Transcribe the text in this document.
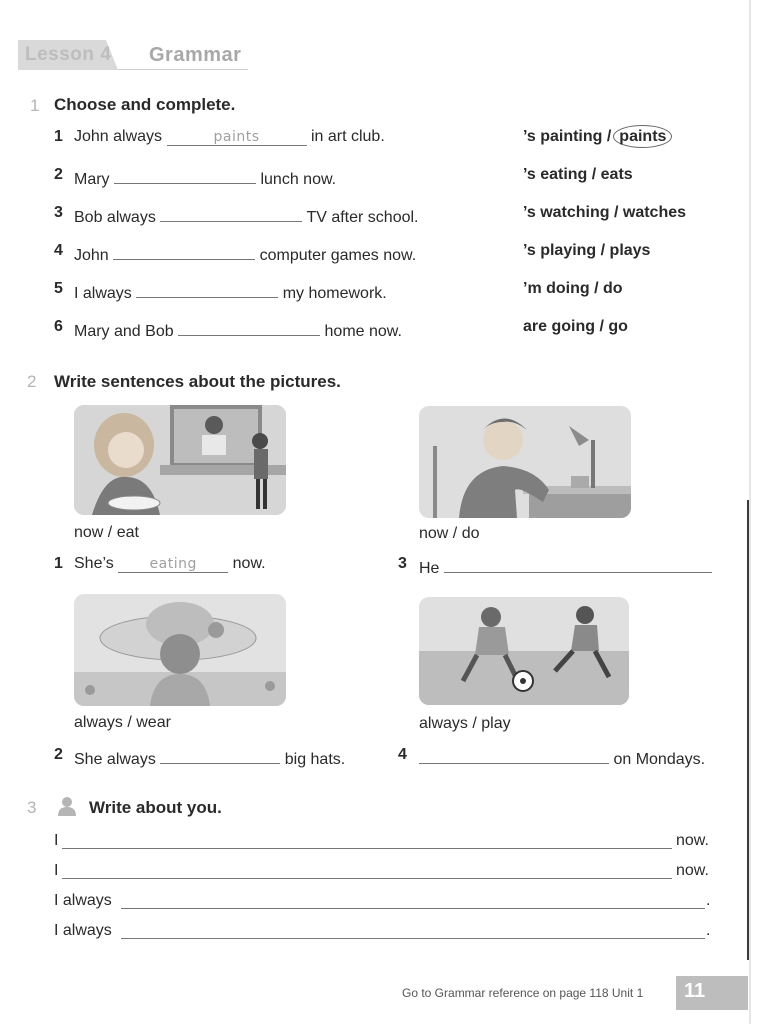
Lesson 4 Grammar
1 Choose and complete.
1 John always	paints	in art club.	’s painting / paints
2 Mary	lunch now.	’s eating / eats
3 Bob always	TV after school.	’s watching / watches
4 John	computer games now.	’s playing / plays
5 I always	my homework.	’m doing / do
6 Mary and Bob	home now.	are going / go
2 Write sentences about the pictures.
now / eat
1 She’s	eating now.
now / do
3 He
always / wear
2 She always	big hats.
always / play
4	on Mondays.
3	Write about you.
I	now.
I	now.
I always	.
I always	.
Go to Grammar reference on page 118 Unit 1 11
